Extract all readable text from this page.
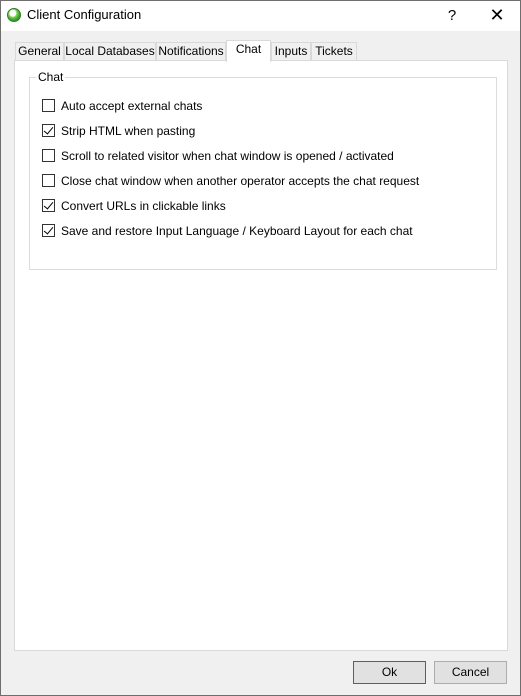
Client Configuration	?	✕
General Local Databases Notifications	Chat	Inputs Tickets
Chat
Auto accept external chats
Strip HTML when pasting
Scroll to related visitor when chat window is opened / activated
Close chat window when another operator accepts the chat request
Convert URLs in clickable links
Save and restore Input Language / Keyboard Layout for each chat
Ok	Cancel
